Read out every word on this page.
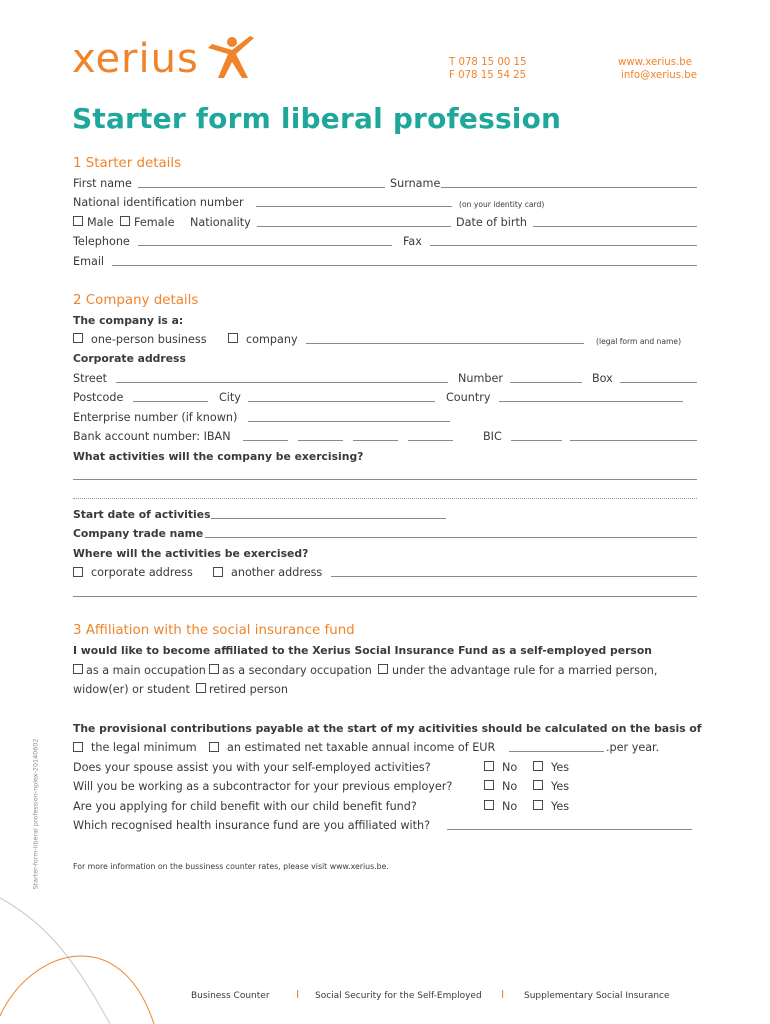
xerius	T 078 15 00 15
F 078 15 54 25
www.xerius.be
info@xerius.be
Starter form liberal profession
1 Starter details
First name	Surname
National identification number	(on your identity card)
Male Female Nationality	Date of birth
Telephone	Fax
Email
2 Company details
The company is a:
one-person business	company	(legal form and name)
Corporate address
Street	Number	Box
Postcode	City	Country
Enterprise number (if known)
Bank account number: IBAN	BIC
What activities will the company be exercising?
Start date of activities
Company trade name
Where will the activities be exercised?
corporate address	another address
3 Affiliation with the social insurance fund
I would like to become affiliated to the Xerius Social Insurance Fund as a self-employed person
as a main occupation as a secondary occupation under the advantage rule for a married person,
widow(er) or student retired person
The provisional contributions payable at the start of my acitivities should be calculated on the basis of
the legal minimum	an estimated net taxable annual income of EUR	.per year.
Does your spouse assist you with your self-employed activities?	No	Yes
Will you be working as a subcontractor for your previous employer?	No	Yes
Are you applying for child benefit with our child benefit fund?	No	Yes
Which recognised health insurance fund are you affiliated with?
For more information on the bussiness counter rates, please visit www.xerius.be.
Starter-form-liberal profession-nplex-20140602
Business Counter I Social Security for the Self-Employed I Supplementary Social Insurance
